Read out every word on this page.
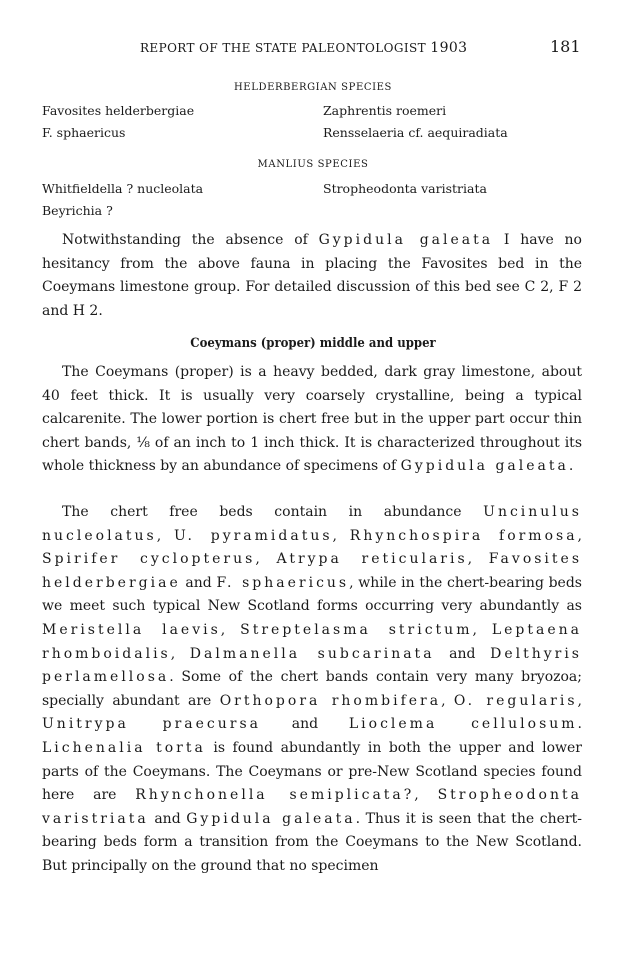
REPORT OF THE STATE PALEONTOLOGIST 1903	181
HELDERBERGIAN SPECIES
Favosites helderbergiae
F. sphaericus
Zaphrentis roemeri
Rensselaeria cf. aequiradiata
MANLIUS SPECIES
Whitfieldella ? nucleolata
Beyrichia ?
Stropheodonta varistriata

Notwithstanding the absence of Gypidula galeata I have no hesitancy from the above fauna in placing the Favosites bed in the Coeymans limestone group. For detailed discussion of this bed see C 2, F 2 and H 2.

Coeymans (proper) middle and upper

The Coeymans (proper) is a heavy bedded, dark gray limestone, about 40 feet thick. It is usually very coarsely crystalline, being a typical calcarenite. The lower portion is chert free but in the upper part occur thin chert bands, ⅛ of an inch to 1 inch thick. It is characterized throughout its whole thickness by an abundance of specimens of Gypidula galeata.

The chert free beds contain in abundance Uncinulus nucleolatus, U. pyramidatus, Rhynchospira formosa, Spirifer cyclopterus, Atrypa reticularis, Favosites helderbergiae and F. sphaericus, while in the chert-bearing beds we meet such typical New Scotland forms occurring very abundantly as Meristella laevis, Streptelasma strictum, Leptaena rhomboidalis, Dalmanella subcarinata and Delthyris perlamellosa. Some of the chert bands contain very many bryozoa; specially abundant are Orthopora rhombifera, O. regularis, Unitrypa praecursa and Lioclema cellulosum. Lichenalia torta is found abundantly in both the upper and lower parts of the Coeymans. The Coeymans or pre-New Scotland species found here are Rhynchonella semiplicata?, Stropheodonta varistriata and Gypidula galeata. Thus it is seen that the chert-bearing beds form a transition from the Coeymans to the New Scotland. But principally on the ground that no specimen
